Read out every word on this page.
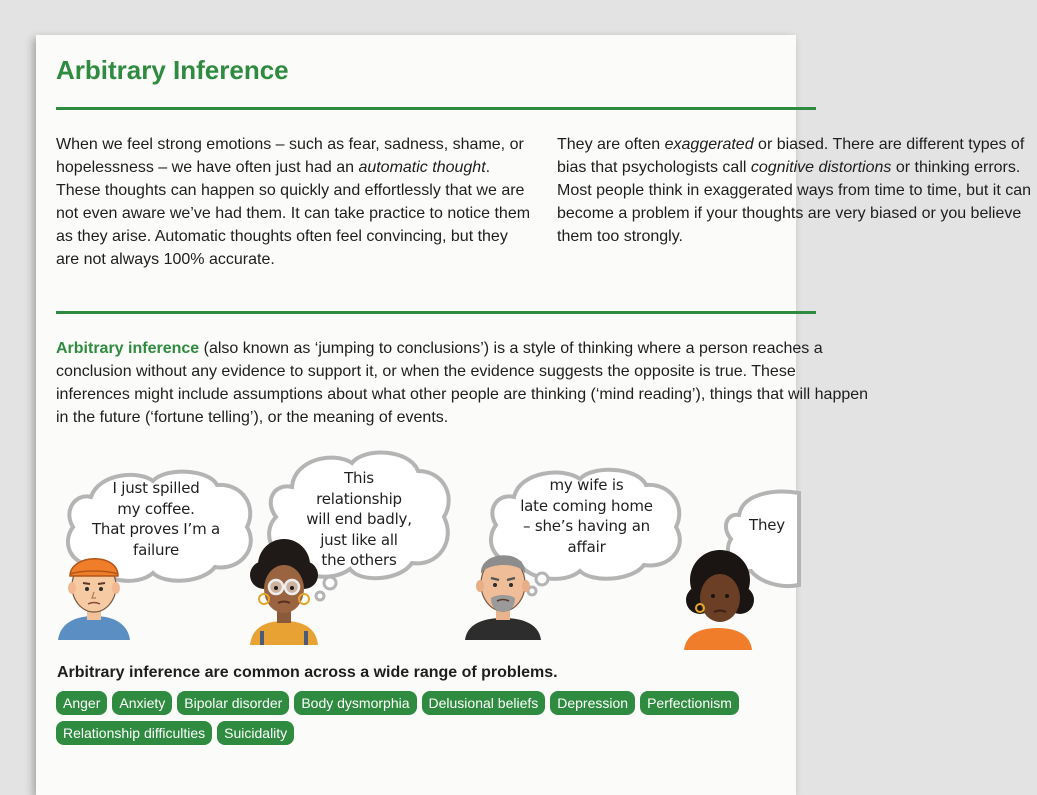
Arbitrary Inference

When we feel strong emotions – such as fear, sadness, shame, or hopelessness – we have often just had an automatic thought. These thoughts can happen so quickly and effortlessly that we are not even aware we’ve had them. It can take practice to notice them as they arise. Automatic thoughts often feel convincing, but they are not always 100% accurate.

They are often exaggerated or biased. There are different types of bias that psychologists call cognitive distortions or thinking errors. Most people think in exaggerated ways from time to time, but it can become a problem if your thoughts are very biased or you believe them too strongly.

Arbitrary inference (also known as ‘jumping to conclusions’) is a style of thinking where a person reaches a conclusion without any evidence to support it, or when the evidence suggests the opposite is true. These inferences might include assumptions about what other people are thinking (‘mind reading’), things that will happen in the future (‘fortune telling’), or the meaning of events.

I just spilled
my coffee.
That proves I’m a
failure
This
relationship
will end badly,
just like all
the others
my wife is
late coming home
– she’s having an
affair
They

Arbitrary inference are common across a wide range of problems.

Anger	Anxiety	Bipolar disorder	Body dysmorphia	Delusional beliefs	Depression	Perfectionism
Relationship difficulties	Suicidality
